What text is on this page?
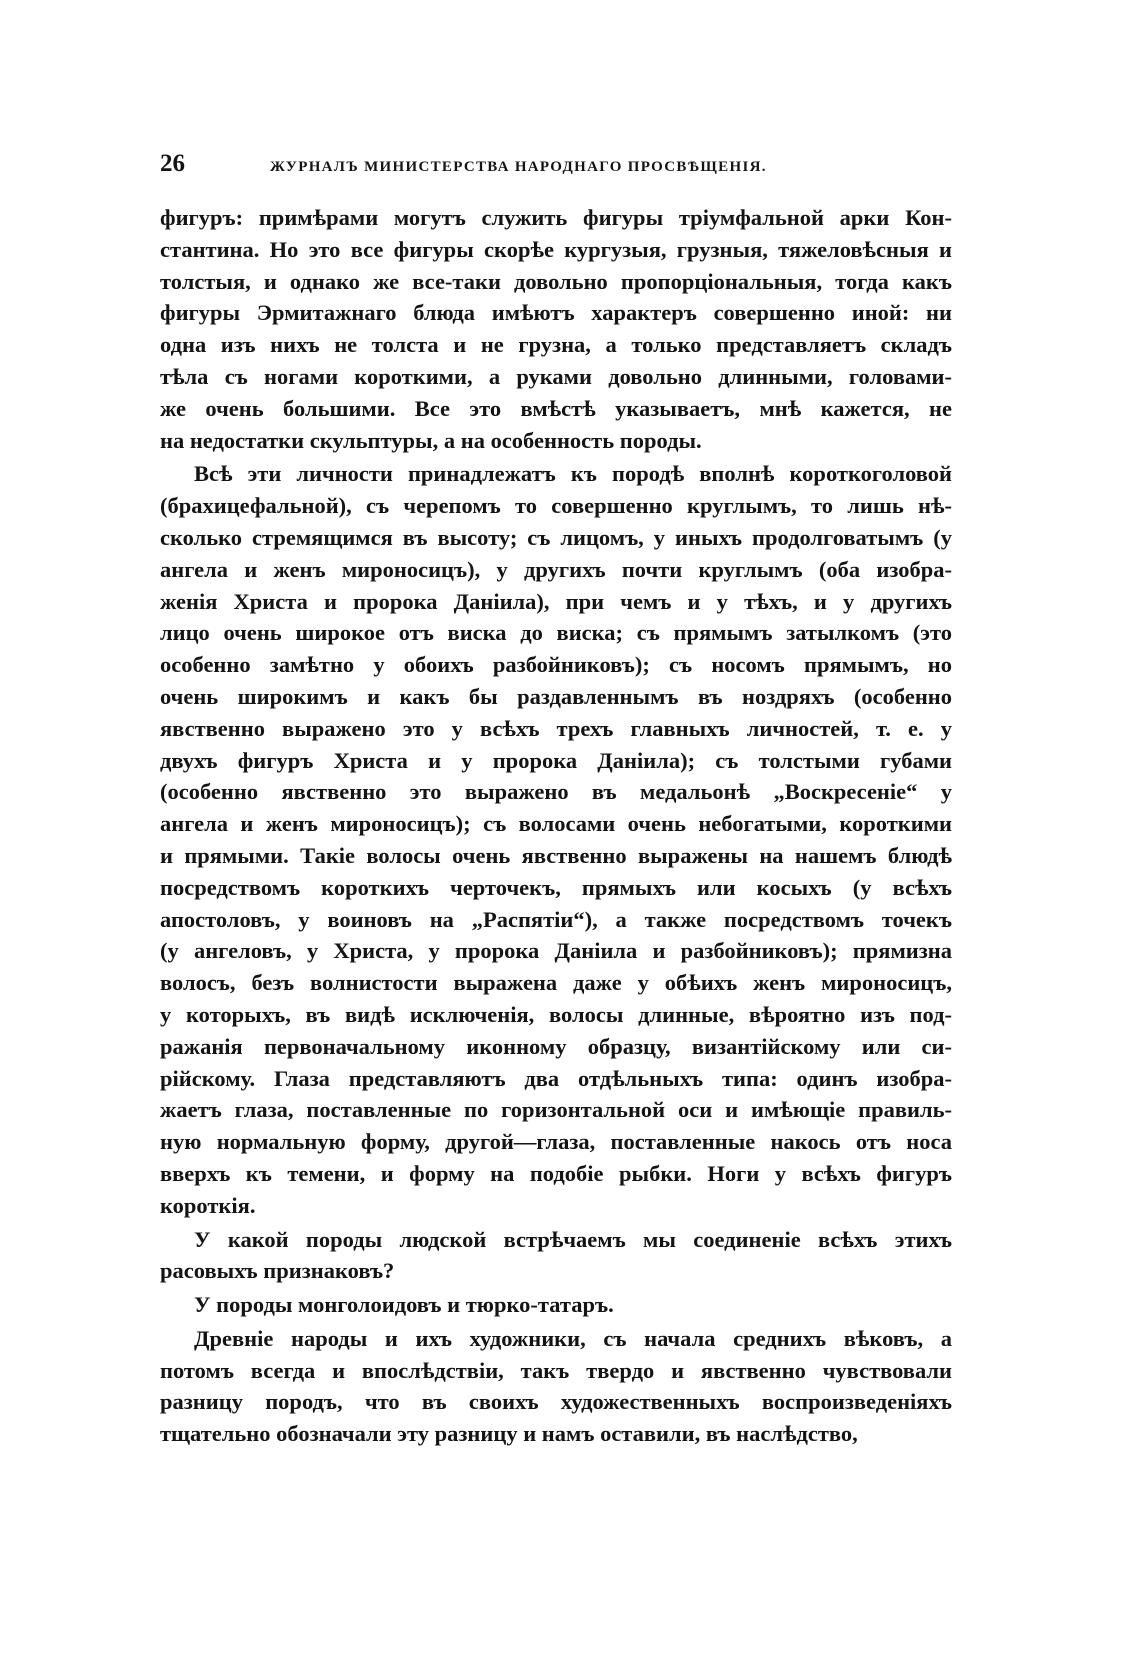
26	ЖУРНАЛЪ МИНИСТЕРСТВА НАРОДНАГО ПРОСВѢЩЕНІЯ.
фигуръ: примѣрами могутъ служить фигуры тріумфальной арки Кон-
стантина. Но это все фигуры скорѣе кургузыя, грузныя, тяжеловѣсныя и
толстыя, и однако же все-таки довольно пропорціональныя, тогда какъ
фигуры Эрмитажнаго блюда имѣютъ характеръ совершенно иной: ни
одна изъ нихъ не толста и не грузна, а только представляетъ складъ
тѣла съ ногами короткими, а руками довольно длинными, головами-
же очень большими. Все это вмѣстѣ указываетъ, мнѣ кажется, не
на недостатки скульптуры, а на особенность породы.
Всѣ эти личности принадлежатъ къ породѣ вполнѣ короткоголовой
(брахицефальной), съ черепомъ то совершенно круглымъ, то лишь нѣ-
сколько стремящимся въ высоту; съ лицомъ, у иныхъ продолговатымъ (у
ангела и женъ мироносицъ), у другихъ почти круглымъ (оба изобра-
женія Христа и пророка Даніила), при чемъ и у тѣхъ, и у другихъ
лицо очень широкое отъ виска до виска; съ прямымъ затылкомъ (это
особенно замѣтно у обоихъ разбойниковъ); съ носомъ прямымъ, но
очень широкимъ и какъ бы раздавленнымъ въ ноздряхъ (особенно
явственно выражено это у всѣхъ трехъ главныхъ личностей, т. е. у
двухъ фигуръ Христа и у пророка Даніила); съ толстыми губами
(особенно явственно это выражено въ медальонѣ „Воскресеніе“ у
ангела и женъ мироносицъ); съ волосами очень небогатыми, короткими
и прямыми. Такіе волосы очень явственно выражены на нашемъ блюдѣ
посредствомъ короткихъ черточекъ, прямыхъ или косыхъ (у всѣхъ
апостоловъ, у воиновъ на „Распятіи“), а также посредствомъ точекъ
(у ангеловъ, у Христа, у пророка Даніила и разбойниковъ); прямизна
волосъ, безъ волнистости выражена даже у обѣихъ женъ мироносицъ,
у которыхъ, въ видѣ исключенія, волосы длинные, вѣроятно изъ под-
ражанія первоначальному иконному образцу, византійскому или си-
рійскому. Глаза представляютъ два отдѣльныхъ типа: одинъ изобра-
жаетъ глаза, поставленные по горизонтальной оси и имѣющіе правиль-
ную нормальную форму, другой—глаза, поставленные накось отъ носа
вверхъ къ темени, и форму на подобіе рыбки. Ноги у всѣхъ фигуръ
короткія.
У какой породы людской встрѣчаемъ мы соединеніе всѣхъ этихъ
расовыхъ признаковъ?
У породы монголоидовъ и тюрко-татаръ.
Древніе народы и ихъ художники, съ начала среднихъ вѣковъ, а
потомъ всегда и впослѣдствіи, такъ твердо и явственно чувствовали
разницу породъ, что въ своихъ художественныхъ воспроизведеніяхъ
тщательно обозначали эту разницу и намъ оставили, въ наслѣдство,
